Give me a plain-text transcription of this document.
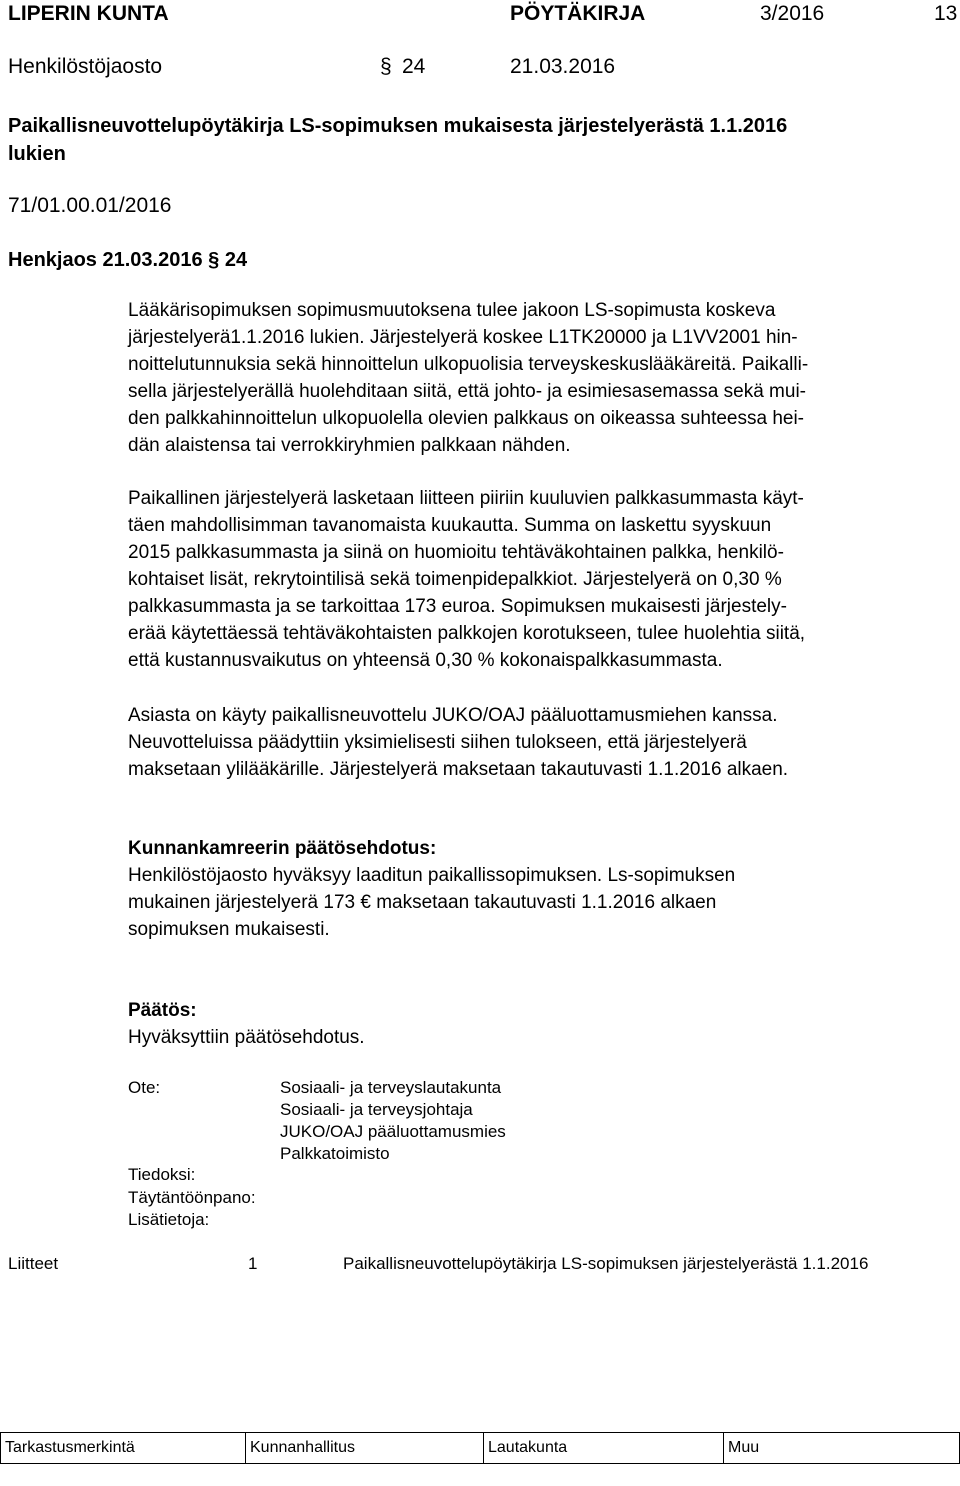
LIPERIN KUNTA	PÖYTÄKIRJA	3/2016	13
Henkilöstöjaosto	§ 24	21.03.2016
Paikallisneuvottelupöytäkirja LS-sopimuksen mukaisesta järjestelyerästä 1.1.2016
lukien
71/01.00.01/2016
Henkjaos 21.03.2016 § 24

Lääkärisopimuksen sopimusmuutoksena tulee jakoon LS-sopimusta koskeva

järjestelyerä1.1.2016 lukien. Järjestelyerä koskee L1TK20000 ja L1VV2001 hin-

noittelutunnuksia sekä hinnoittelun ulkopuolisia terveyskeskuslääkäreitä. Paikalli-

sella järjestelyerällä huolehditaan siitä, että johto- ja esimiesasemassa sekä mui-

den palkkahinnoittelun ulkopuolella olevien palkkaus on oikeassa suhteessa hei-

dän alaistensa tai verrokkiryhmien palkkaan nähden.

Paikallinen järjestelyerä lasketaan liitteen piiriin kuuluvien palkkasummasta käyt-

täen mahdollisimman tavanomaista kuukautta. Summa on laskettu syyskuun

2015 palkkasummasta ja siinä on huomioitu tehtäväkohtainen palkka, henkilö-

kohtaiset lisät, rekrytointilisä sekä toimenpidepalkkiot. Järjestelyerä on 0,30 %

palkkasummasta ja se tarkoittaa 173 euroa. Sopimuksen mukaisesti järjestely-

erää käytettäessä tehtäväkohtaisten palkkojen korotukseen, tulee huolehtia siitä,

että kustannusvaikutus on yhteensä 0,30 % kokonaispalkkasummasta.

Asiasta on käyty paikallisneuvottelu JUKO/OAJ pääluottamusmiehen kanssa.

Neuvotteluissa päädyttiin yksimielisesti siihen tulokseen, että järjestelyerä

maksetaan ylilääkärille. Järjestelyerä maksetaan takautuvasti 1.1.2016 alkaen.

Kunnankamreerin päätösehdotus:

Henkilöstöjaosto hyväksyy laaditun paikallissopimuksen. Ls-sopimuksen

mukainen järjestelyerä 173 € maksetaan takautuvasti 1.1.2016 alkaen

sopimuksen mukaisesti.

Päätös:

Hyväksyttiin päätösehdotus.

Ote:	Sosiaali- ja terveyslautakunta
Sosiaali- ja terveysjohtaja
JUKO/OAJ pääluottamusmies
Palkkatoimisto
Tiedoksi:
Täytäntöönpano:
Lisätietoja:
Liitteet	1	Paikallisneuvottelupöytäkirja LS-sopimuksen järjestelyerästä 1.1.2016
Tarkastusmerkintä	Kunnanhallitus	Lautakunta	Muu
